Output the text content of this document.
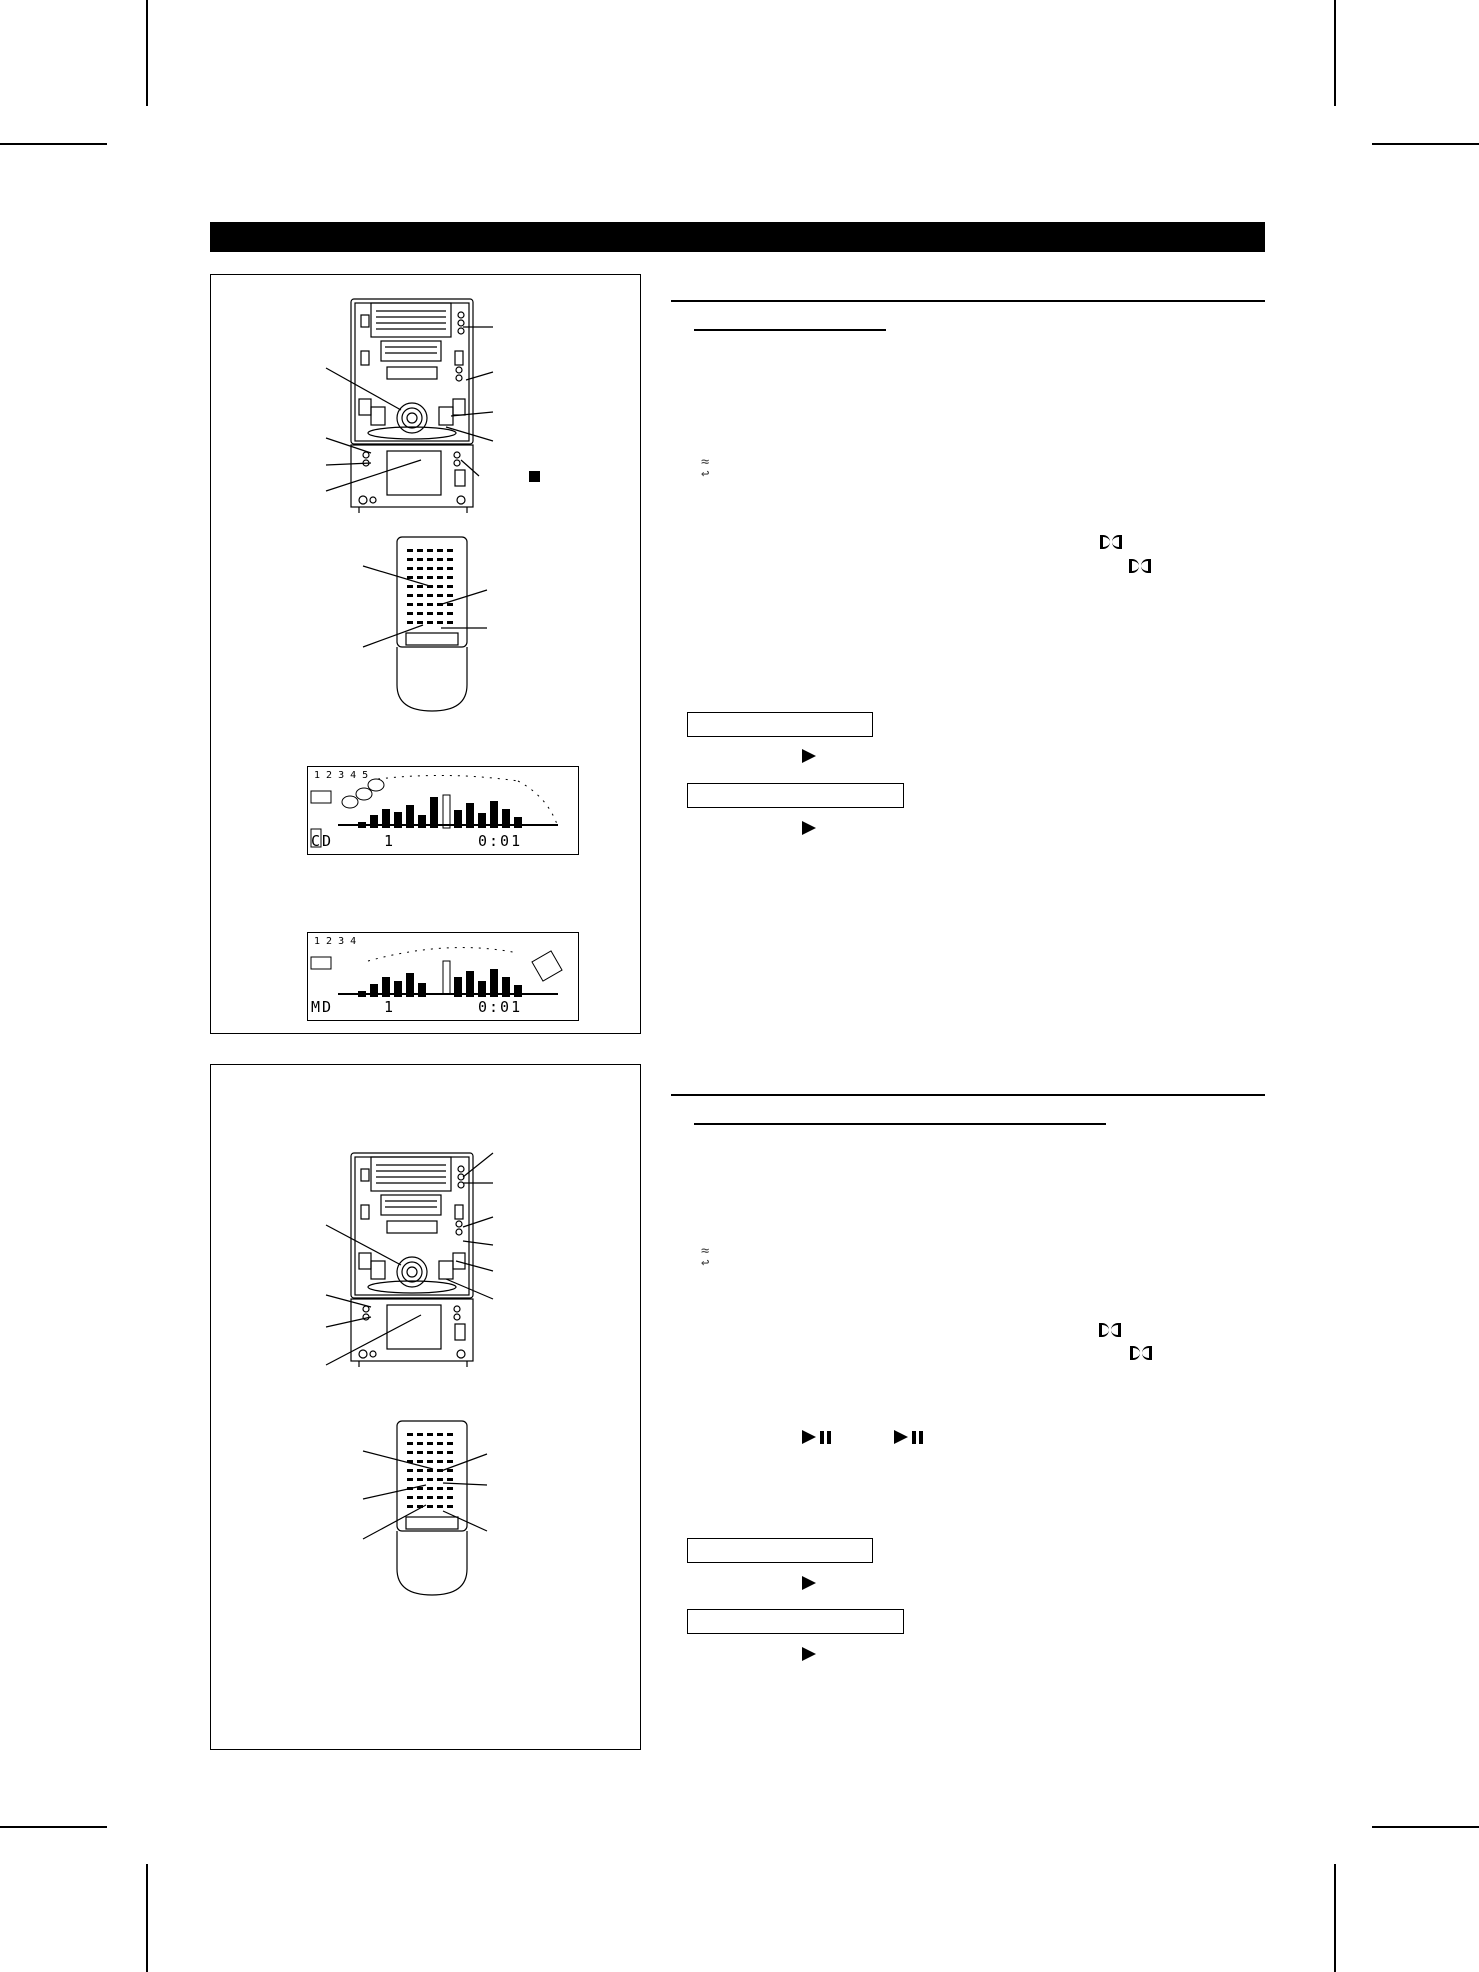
1 2 3 4 5
CD	1	0:01
1 2 3 4
MD	1	0:01
≈
↩
≈
↩
